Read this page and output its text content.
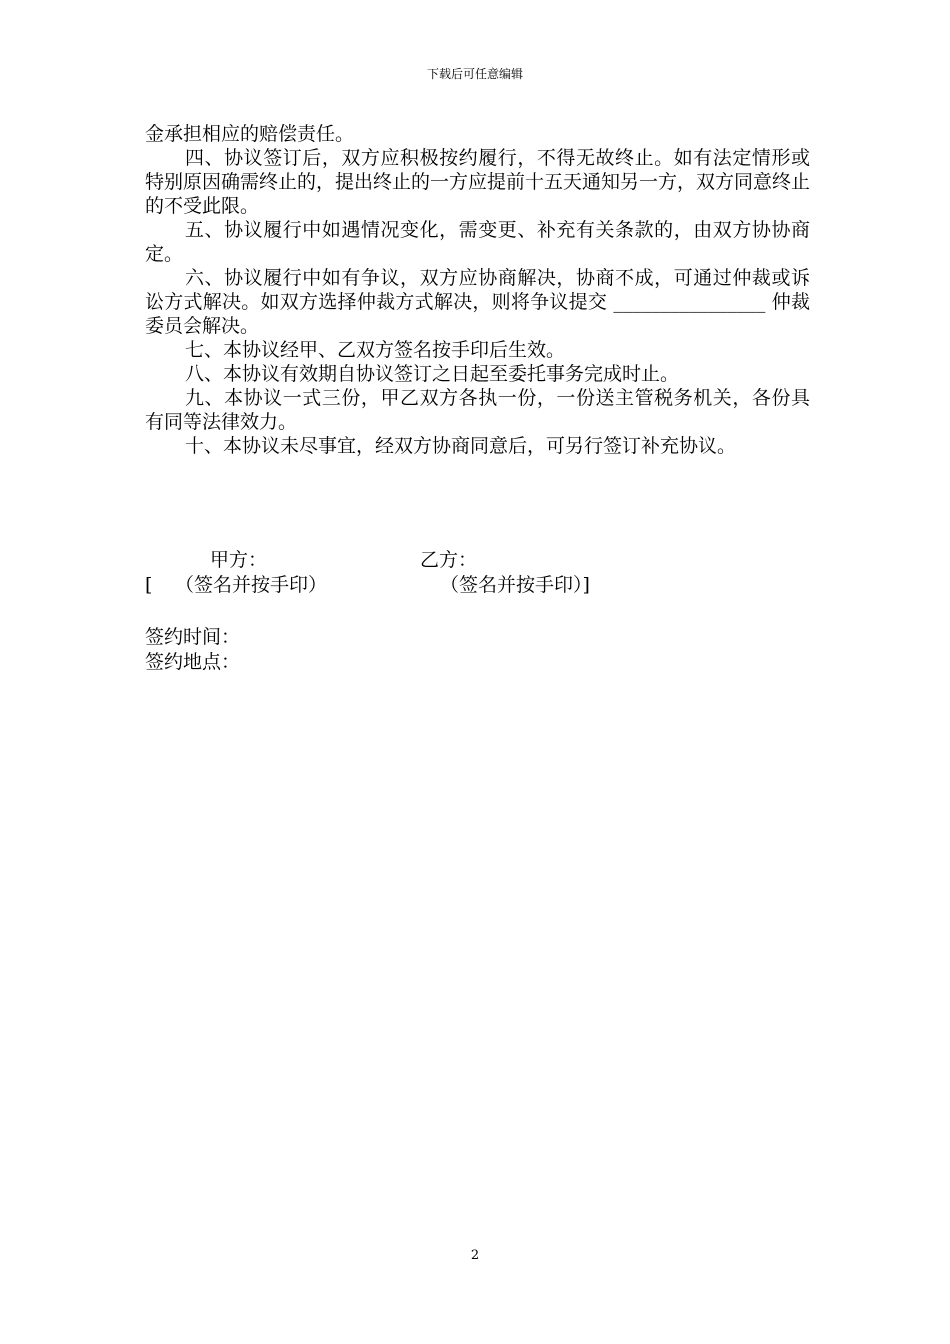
下载后可任意编辑

金承担相应的赔偿责任。

四、协议签订后，双方应积极按约履行，不得无故终止。如有法定情形或特别原因确需终止的，提出终止的一方应提前十五天通知另一方，双方同意终止的不受此限。

五、协议履行中如遇情况变化，需变更、补充有关条款的，由双方协协商定。

六、协议履行中如有争议，双方应协商解决，协商不成，可通过仲裁或诉讼方式解决。如双方选择仲裁方式解决，则将争议提交 ________________ 仲裁委员会解决。

七、本协议经甲、乙双方签名按手印后生效。

八、本协议有效期自协议签订之日起至委托事务完成时止。

九、本协议一式三份，甲乙双方各执一份，一份送主管税务机关，各份具有同等法律效力。

十、本协议未尽事宜，经双方协商同意后，可另行签订补充协议。

甲方：	乙方：
[ （签名并按手印）	（签名并按手印）]
签约时间：
签约地点：
2
